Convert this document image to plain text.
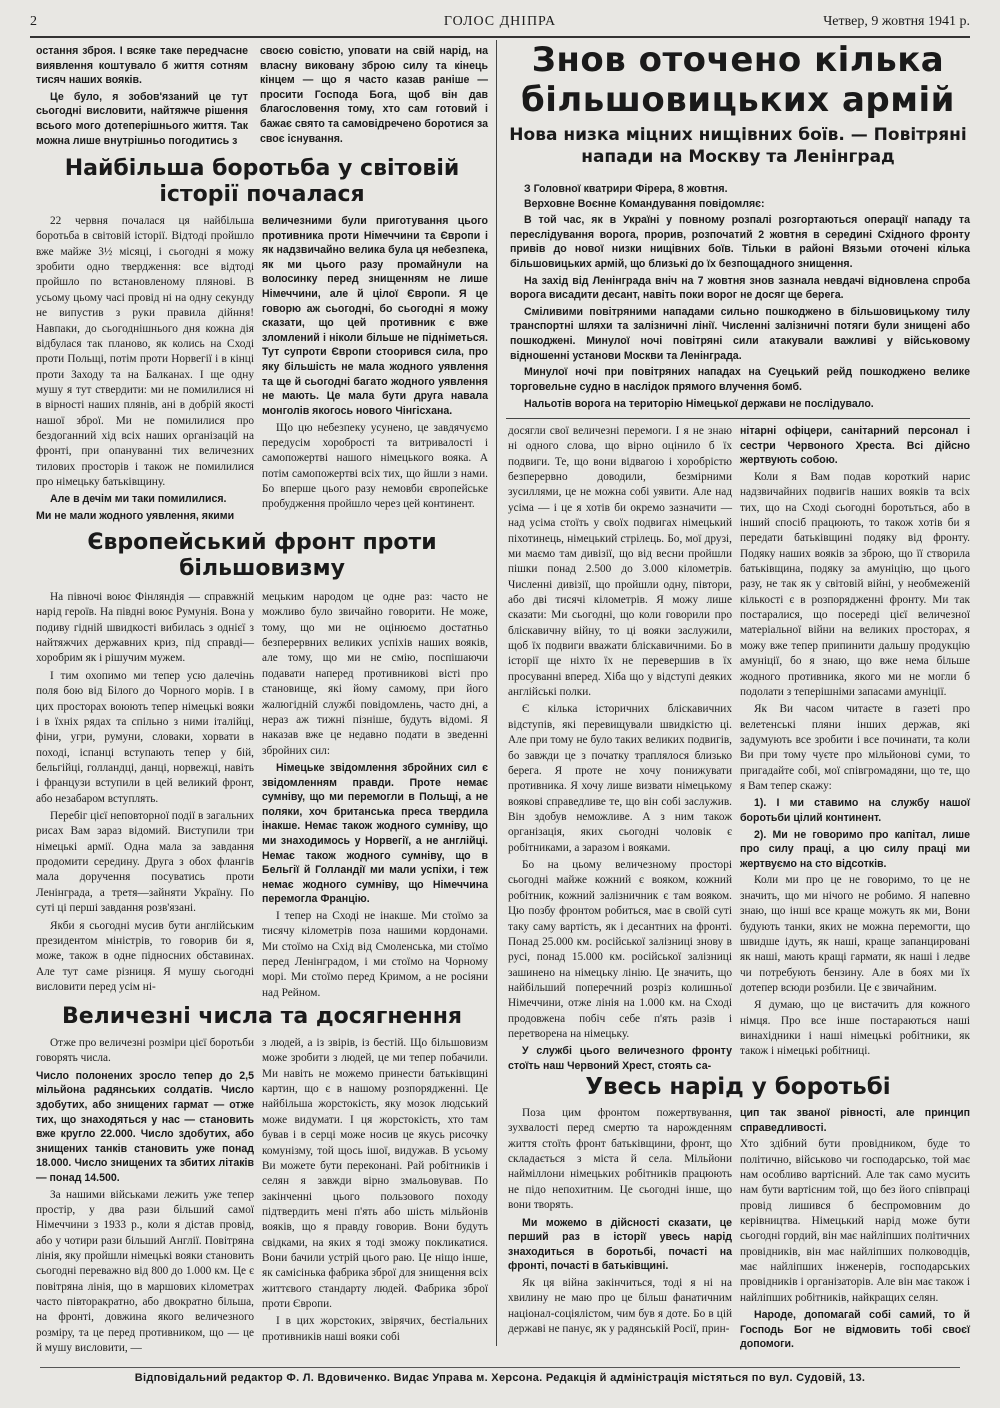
2	ГОЛОС ДНІПРА	Четвер, 9 жовтня 1941 р.

остання зброя. І всяке таке передчасне виявлення коштувало б життя сотням тисяч наших вояків.

Це було, я зобов'язаний це тут сьогодні висловити, найтяжче рішення всього мого дотеперішнього життя. Так можна лише внутрішньо погодитись з

своєю совістю, уповати на свій нарід, на власну виковану зброю силу та кінець кінцем — що я часто казав раніше — просити Господа Бога, щоб він дав благословення тому, хто сам готовий і бажає свято та самовідречено боротися за своє існування.

Найбільша боротьба у світовій історії почалася

22 червня почалася ця найбільша боротьба в світовій історії. Відтоді пройшло вже майже 3½ місяці, і сьогодні я можу зробити одно твердження: все відтоді пройшло по встановленому плянові. В усьому цьому часі провід ні на одну секунду не випустив з руки правила дійння! Навпаки, до сьогоднішнього дня кожна дія відбулася так планово, як колись на Сході проти Польщі, потім проти Норвегії і в кінці проти Заходу та на Балканах. І ще одну мушу я тут ствердити: ми не помилилися ні в вірності наших плянів, ані в добрій якості нашої зброї. Ми не помилилися про бездоганний хід всіх наших організацій на фронті, при опануванні тих величезних тилових просторів і також не помилилися про німецьку батьківщину.

Але в дечім ми таки помилилися.

Ми не мали жодного уявлення, якими

величезними були приготування цього противника проти Німеччини та Європи і як надзвичайно велика була ця небезпека, як ми цього разу промайнули на волосинку перед знищенням не лише Німеччини, але й цілої Європи. Я це говорю аж сьогодні, бо сьогодні я можу сказати, що цей противник є вже зломлений і ніколи більше не підніметься. Тут супроти Європи стоорився сила, про яку більшість не мала жодного уявлення та ще й сьогодні багато жодного уявлення не мають. Це мала бути друга навала монголів якогось нового Чінгісхана.

Що цю небезпеку усунено, це завдячуємо передусім хоробрості та витривалості і самопожертві нашого німецького вояка. А потім самопожертві всіх тих, що йшли з нами. Бо вперше цього разу немовби європейське пробудження пройшло через цей континент.

Європейський фронт проти більшовизму

На півночі воює Фінляндія — справжній нарід героїв. На півдні воює Румунія. Вона у подиву гідній швидкості вибилась з однієї з найтяжчих державних криз, під справді—хоробрим як і рішучим мужем.

І тим охопимо ми тепер усю далечінь поля бою від Білого до Чорного морів. І в цих просторах воюють тепер німецькі вояки і в їхніх рядах та спільно з ними італійці, фіни, угри, румуни, словаки, хорвати в поході, іспанці вступають тепер у бій, бельгійці, голландці, данці, норвежці, навіть і французи вступили в цей великий фронт, або незабаром вступлять.

Перебіг цієї неповторної події в загальних рисах Вам зараз відомий. Виступили три німецькі армії. Одна мала за завдання продомити середину. Друга з обох флангів мала доручення посуватись проти Ленінграда, а третя—зайняти Україну. По суті ці перші завдання розв'язані.

Якби я сьогодні мусив бути англійським президентом міністрів, то говорив би я, може, також в одне підносних обставинах. Але тут саме різниця. Я мушу сьогодні висловити перед усім ні-

мецьким народом це одне раз: часто не можливо було звичайно говорити. Не може, тому, що ми не оцінюємо достатньо безперервних великих успіхів наших вояків, але тому, що ми не смію, поспішаючи подавати наперед противникові вісті про становище, які йому самому, при його жалюгідній службі повідомлень, часто дні, а нераз аж тижні пізніше, будуть відомі. Я наказав вже це недавно подати в зведенні збройних сил:

Німецьке звідомлення збройних сил є звідомленням правди. Проте немає сумніву, що ми перемогли в Польщі, а не поляки, хоч британська преса твердила інакше. Немає також жодного сумніву, що ми знаходимось у Норвегії, а не англійці. Немає також жодного сумніву, що в Бельгії й Голландії ми мали успіхи, і теж немає жодного сумніву, що Німеччина перемогла Францію.

І тепер на Сході не інакше. Ми стоїмо за тисячу кілометрів поза нашими кордонами. Ми стоїмо на Схід від Смоленська, ми стоїмо перед Ленінградом, і ми стоїмо на Чорному морі. Ми стоїмо перед Кримом, а не росіяни над Рейном.

Величезні числа та досягнення

Отже про величезні розміри цієї боротьби говорять числа.

Число полонених зросло тепер до 2,5 мільйона радянських солдатів. Число здобутих, або знищених гармат — отже тих, що знаходяться у нас — становить вже кругло 22.000. Число здобутих, або знищених танків становить уже понад 18.000. Число знищених та збитих літаків — понад 14.500.

За нашими військами лежить уже тепер простір, у два рази більший самої Німеччини з 1933 р., коли я дістав провід, або у чотири рази більший Англії. Повітряна лінія, яку пройшли німецькі вояки становить сьогодні переважно від 800 до 1.000 км. Це є повітряна лінія, що в маршових кілометрах часто півторакратно, або двократно більша, на фронті, довжина якого величезного розміру, та це перед противником, що — це й мушу висловити, —

з людей, а із звірів, із бестій. Що більшовизм може зробити з людей, це ми тепер побачили. Ми навіть не можемо принести батьківщині картин, що є в нашому розпорядженні. Це найбільша жорстокість, яку мозок людський може видумати. І ця жорстокість, хто там бував і в серці може носив це якусь рисочку комунізму, той щось ішої, видужав. В усьому Ви можете бути переконані. Рай робітників і селян я завжди вірно змальовував. По закінченні цього пользового походу підтвердить мені п'ять або шість мільйонів вояків, що я правду говорив. Вони будуть свідками, на яких я тоді зможу покликатися. Вони бачили устрій цього раю. Це ніщо інше, як самісінька фабрика зброї для знищення всіх життєвого стандарту людей. Фабрика зброї проти Європи.

І в цих жорстоких, звірячих, бестіальних противників наші вояки собі

Знов оточено кілька більшовицьких армій
Нова низка міцних нищівних боїв. — Повітряні напади на Москву та Ленінград

З Головної кватрири Фірера, 8 жовтня.

Верховне Воєнне Командування повідомляє:

В той час, як в Україні у повному розпалі розгортаються операції нападу та переслідування ворога, прорив, розпочатий 2 жовтня в середині Східного фронту привів до нової низки нищівних боїв. Тільки в районі Вязьми оточені кілька більшовицьких армій, що близькі до їх безпощадного знищення.

На захід від Ленінграда вніч на 7 жовтня знов зазнала невдачі відновлена спроба ворога висадити десант, навіть поки ворог не досяг ще берега.

Сміливими повітряними нападами сильно пошкоджено в більшовицькому тилу транспортні шляхи та залізничні лінії. Численні залізничні потяги були знищені або пошкоджені. Минулої ночі повітряні сили атакували важливі у військовому відношенні установи Москви та Ленінграда.

Минулої ночі при повітряних нападах на Суецький рейд пошкоджено велике торговельне судно в наслідок прямого влучення бомб.

Нальотів ворога на територію Німецької держави не послідувало.

досягли свої величезні перемоги. І я не знаю ні одного слова, що вірно оцінило б їх подвиги. Те, що вони відвагою і хоробрістю безперервно доводили, безмірними зусиллями, це не можна собі уявити. Але над усіма — і це я хотів би окремо зазначити — над усіма стоїть у своїх подвигах німецький піхотинець, німецький стрілець. Бо, мої друзі, ми маємо там дивізії, що від весни пройшли пішки понад 2.500 до 3.000 кілометрів. Численні дивізії, що пройшли одну, півтори, або дві тисячі кілометрів. Я можу лише сказати: Ми сьогодні, що коли говорили про бліскавичну війну, то ці вояки заслужили, щоб їх подвиги вважати бліскавичними. Бо в історії ще ніхто їх не перевершив в їх просуванні вперед. Хіба що у відступі деяких англійські полки.

Є кілька історичних бліскавичних відступів, які перевищували швидкістю ці. Але при тому не було таких великих подвигів, бо завжди це з початку траплялося близько берега. Я проте не хочу понижувати противника. Я хочу лише визвати німецькому воякові справедливе те, що він собі заслужив. Він здобув неможливе. А з ним також організація, яких сьогодні чоловік є робітниками, а заразом і вояками.

Бо на цьому величезному просторі сьогодні майже кожний є вояком, кожний робітник, кожний залізничник є там вояком. Цю позбу фронтом робиться, має в своїй суті таку саму вартість, як і десантних на фронті. Понад 25.000 км. російської залізниці знову в русі, понад 15.000 км. російської залізниці зашинено на німецьку лінію. Це значить, що найбільший поперечний розріз колишньої Німеччини, отже лінія на 1.000 км. на Сході продовжена побіч себе п'ять разів і перетворена на німецьку.

У службі цього величезного фронту стоїть наш Червоний Хрест, стоять са-

нітарні офіцери, санітарний персонал і сестри Червоного Хреста. Всі дійсно жертвують собою.

Коли я Вам подав короткий нарис надзвичайних подвигів наших вояків та всіх тих, що на Сході сьогодні боротьться, або в інший спосіб працюють, то також хотів би я передати батьківщині подяку від фронту. Подяку наших вояків за зброю, що її створила батьківщина, подяку за амуніцію, що цього разу, не так як у світовій війні, у необмеженій кількості є в розпорядженні фронту. Ми так постаралися, що посереді цієї величезної матеріальної війни на великих просторах, я можу вже тепер припинити дальшу продукцію амуніції, бо я знаю, що вже нема більше жодного противника, якого ми не могли б подолати з теперішніми запасами амуніції.

Як Ви часом читаєте в газеті про велетенські пляни інших держав, які задумують все зробити і все починати, та коли Ви при тому чуєте про мільйонові суми, то пригадайте собі, мої співгромадяни, що те, що я Вам тепер скажу:

1). І ми ставимо на службу нашої боротьби цілий континент.

2). Ми не говоримо про капітал, лише про силу праці, а цю силу праці ми жертвуємо на сто відсотків.

Коли ми про це не говоримо, то це не значить, що ми нічого не робимо. Я напевно знаю, що інші все краще можуть як ми, Вони будують танки, яких не можна перемогти, що швидше ідуть, як наші, краще запанцировані як наші, мають кращі гармати, як наші і ледве чи потребують бензину. Але в боях ми їх дотепер всюди розбили. Це є звичайним.

Я думаю, що це вистачить для кожного німця. Про все інше постараються наші винахідники і наші німецькі робітники, як також і німецькі робітниці.

Увесь нарід у боротьбі

Поза цим фронтом пожертвування, зухвалості перед смертю та нарожденням життя стоїть фронт батьківщини, фронт, що складається з міста й села. Мільйони найміллони німецьких робітників працюють не підо непохитним. Це сьогодні інше, що вони творять.

Ми можемо в дійсності сказати, це перший раз в історії увесь нарід знаходиться в боротьбі, почасті на фронті, почасті в батьківщині.

Як ця війна закінчиться, тоді я ні на хвилину не маю про це більш фанатичним націонал-соціялістом, чим був я доте. Бо в цій державі не панує, як у радянській Росії, прин-

цип так званої рівності, але принцип справедливості.

Хто здібний бути провідником, буде то політично, військово чи господарсько, той має нам особливо вартісний. Але так само мусить нам бути вартісним той, що без його співпраці провід лишився б беспромовним до керівництва. Німецький нарід може бути сьогодні гордий, він має найліпших політичних провідників, він має найліпших полководців, має найліпших інженерів, господарських провідників і організаторів. Але він має також і найліпших робітників, найкращих селян.

Народе, допомагай собі самий, то й Господь Бог не відмовить тобі своєї допомоги.

Відповідальний редактор Ф. Л. Вдовиченко. Видає Управа м. Херсона. Редакція й адміністрація містяться по вул. Судовій, 13.
